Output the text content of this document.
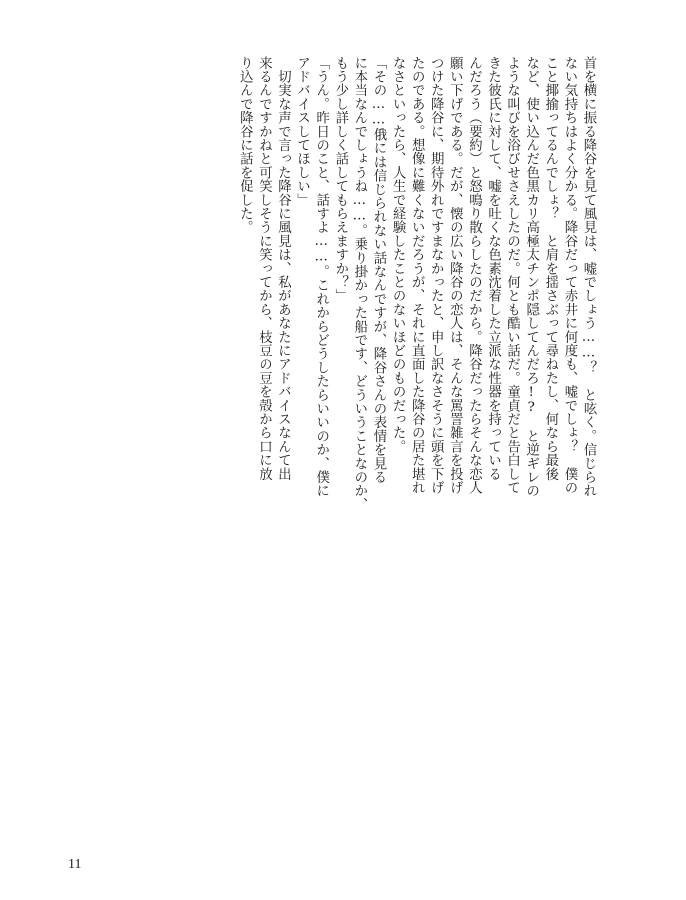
首を横に振る降谷を見て風見は、嘘でしょう……？　と呟く。信じられ
ない気持ちはよく分かる。降谷だって赤井に何度も、嘘でしょ？　僕の
こと揶揄ってるんでしょ？　と肩を揺さぶって尋ねたし、何なら最後
など、使い込んだ色黒カリ高極太チンポ隠してんだろ!?　と逆ギレの
ような叫びを浴びせさえしたのだ。何とも酷い話だ。童貞だと告白して
きた彼氏に対して、嘘を吐くな色素沈着した立派な性器を持っている
んだろう（要約）と怒鳴り散らしたのだから。降谷だったらそんな恋人
願い下げである。だが、懐の広い降谷の恋人は、そんな罵詈雑言を投げ
つけた降谷に、期待外れですまなかったと、申し訳なさそうに頭を下げ
たのである。想像に難くないだろうが、それに直面した降谷の居た堪れ
なさといったら、人生で経験したことのないほどのものだった。
「その……俄には信じられない話なんですが、降谷さんの表情を見る
に本当なんでしょうね……。乗り掛かった船です、どういうことなのか、
もう少し詳しく話してもらえますか？」
「うん。昨日のこと、話すよ……。これからどうしたらいいのか、僕に
アドバイスしてほしい」
　切実な声で言った降谷に風見は、私があなたにアドバイスなんて出
来るんですかねと可笑しそうに笑ってから、枝豆の豆を殻から口に放
り込んで降谷に話を促した。
11
